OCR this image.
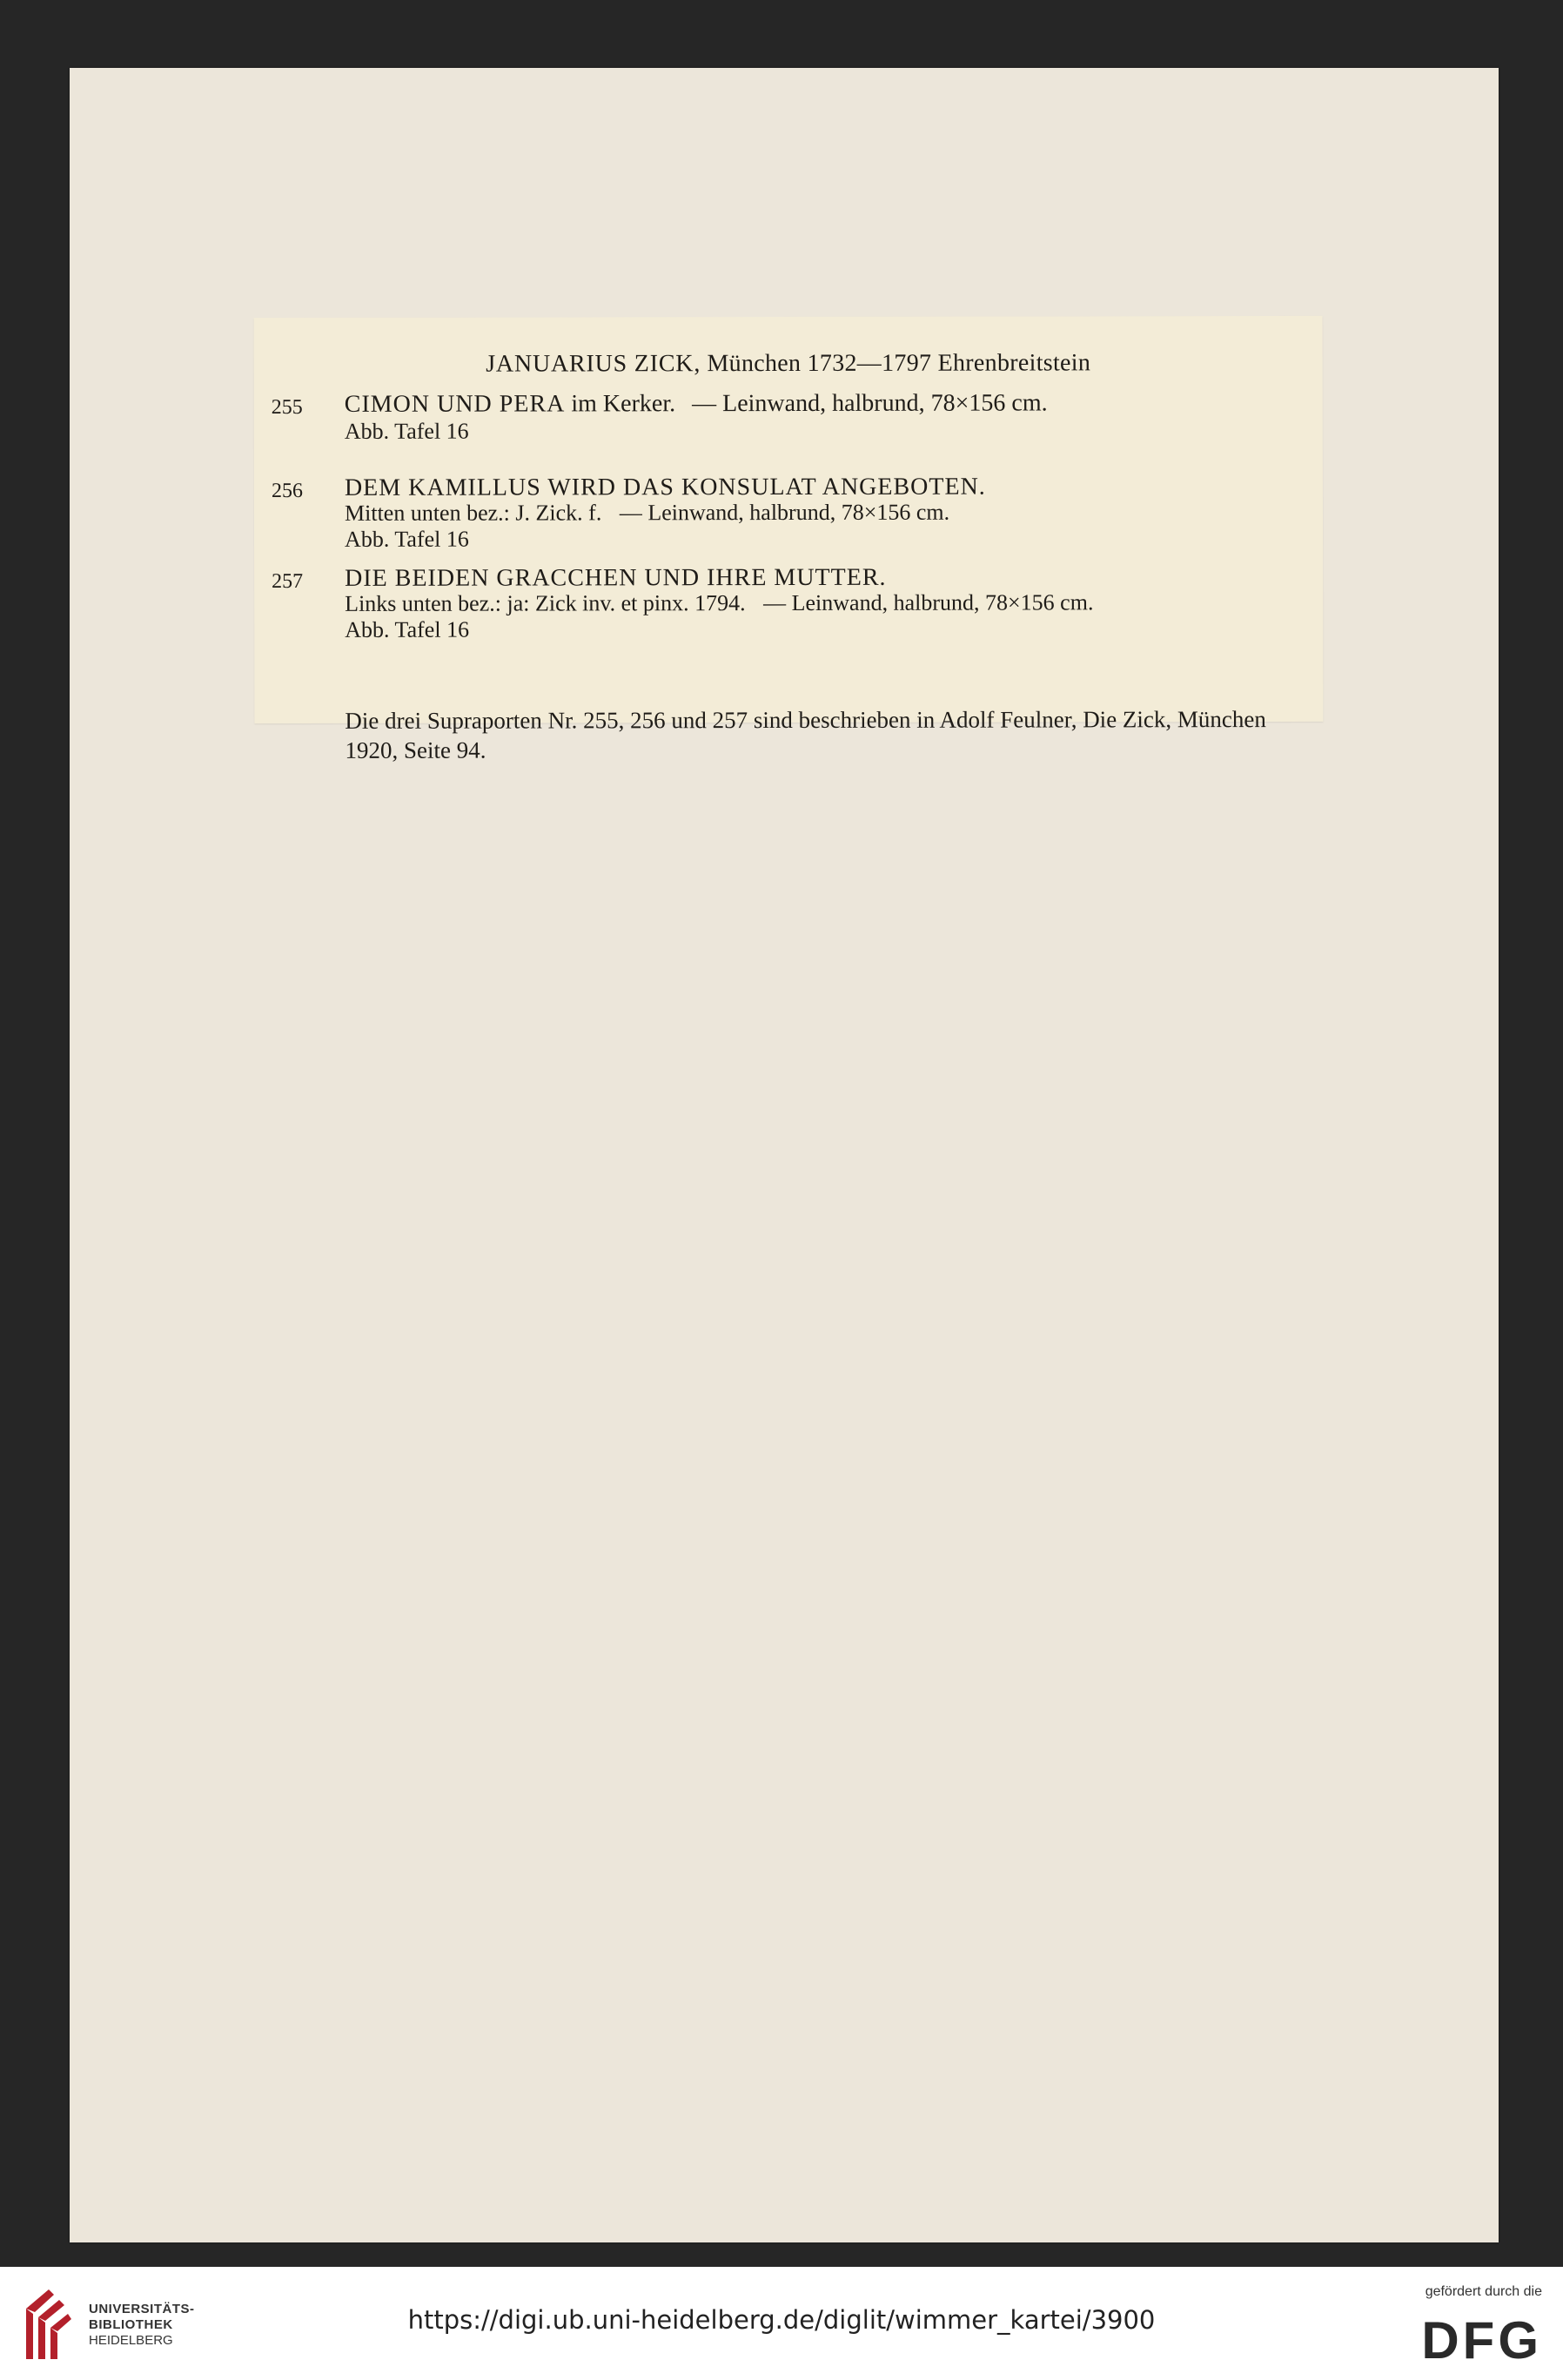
JANUARIUS ZICK, München 1732—1797 Ehrenbreitstein
255 CIMON UND PERA im Kerker. — Leinwand, halbrund, 78×156 cm.
Abb. Tafel 16
256 DEM KAMILLUS WIRD DAS KONSULAT ANGEBOTEN.
Mitten unten bez.: J. Zick. f. — Leinwand, halbrund, 78×156 cm.
Abb. Tafel 16
257 DIE BEIDEN GRACCHEN UND IHRE MUTTER.
Links unten bez.: ja: Zick inv. et pinx. 1794. — Leinwand, halbrund, 78×156 cm.
Abb. Tafel 16
Die drei Supraporten Nr. 255, 256 und 257 sind beschrieben in Adolf Feulner, Die Zick, München 1920, Seite 94.
UNIVERSITÄTS-
BIBLIOTHEK
HEIDELBERG
https://digi.ub.uni-heidelberg.de/diglit/wimmer_kartei/3900
gefördert durch die
DFG
